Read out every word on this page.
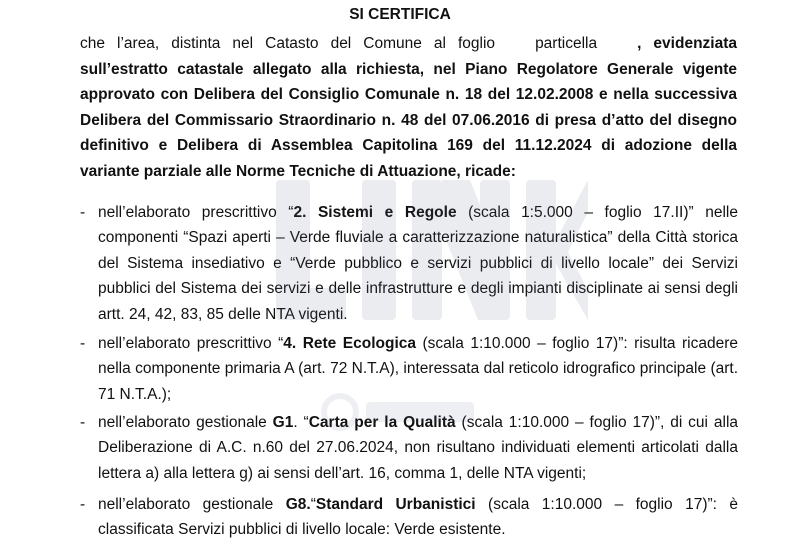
SI CERTIFICA

che l’area, distinta nel Catasto del Comune al foglio	particella	, evidenziata sull’estratto catastale allegato alla richiesta, nel Piano Regolatore Generale vigente approvato con Delibera del Consiglio Comunale n. 18 del 12.02.2008 e nella successiva Delibera del Commissario Straordinario n. 48 del 07.06.2016 di presa d’atto del disegno definitivo e Delibera di Assemblea Capitolina 169 del 11.12.2024 di adozione della variante parziale alle Norme Tecniche di Attuazione, ricade:

- nell’elaborato prescrittivo “2. Sistemi e Regole (scala 1:5.000 – foglio 17.II)” nelle componenti “Spazi aperti – Verde fluviale a caratterizzazione naturalistica” della Città storica del Sistema insediativo e “Verde pubblico e servizi pubblici di livello locale” dei Servizi pubblici del Sistema dei servizi e delle infrastrutture e degli impianti disciplinate ai sensi degli artt. 24, 42, 83, 85 delle NTA vigenti.
- nell’elaborato prescrittivo “4. Rete Ecologica (scala 1:10.000 – foglio 17)”: risulta ricadere nella componente primaria A (art. 72 N.T.A), interessata dal reticolo idrografico principale (art. 71 N.T.A.);
- nell’elaborato gestionale G1. “Carta per la Qualità (scala 1:10.000 – foglio 17)”, di cui alla Deliberazione di A.C. n.60 del 27.06.2024, non risultano individuati elementi articolati dalla lettera a) alla lettera g) ai sensi dell’art. 16, comma 1, delle NTA vigenti;
- nell’elaborato gestionale G8.“Standard Urbanistici (scala 1:10.000 – foglio 17)”: è classificata Servizi pubblici di livello locale: Verde esistente.
